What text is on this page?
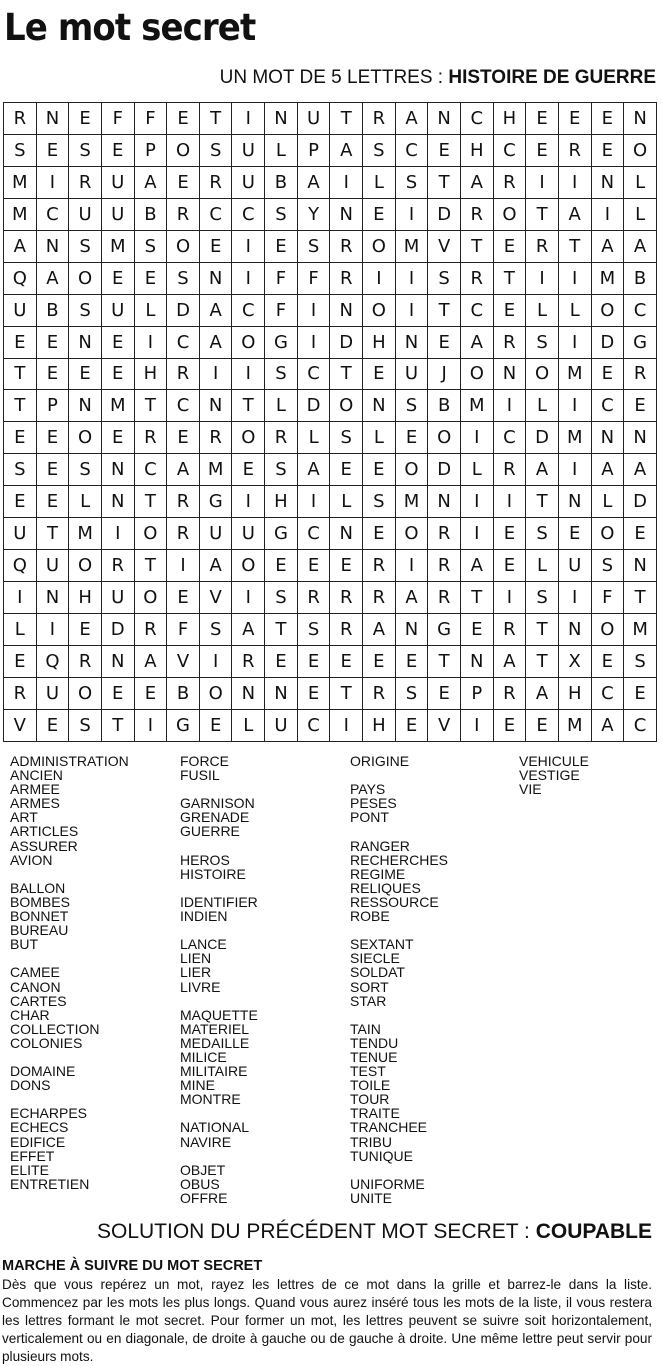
Le mot secret
UN MOT DE 5 LETTRES : HISTOIRE DE GUERRE
R	N	E	F	F	E	T	I	N	U	T	R	A	N	C	H	E	E	E	N
S	E	S	E	P	O	S	U	L	P	A	S	C	E	H	C	E	R	E	O
M	I	R	U	A	E	R	U	B	A	I	L	S	T	A	R	I	I	N	L
M	C	U	U	B	R	C	C	S	Y	N	E	I	D	R	O	T	A	I	L
A	N	S	M	S	O	E	I	E	S	R	O	M	V	T	E	R	T	A	A
Q	A	O	E	E	S	N	I	F	F	R	I	I	S	R	T	I	I	M	B
U	B	S	U	L	D	A	C	F	I	N	O	I	T	C	E	L	L	O	C
E	E	N	E	I	C	A	O	G	I	D	H	N	E	A	R	S	I	D	G
T	E	E	E	H	R	I	I	S	C	T	E	U	J	O	N	O	M	E	R
T	P	N	M	T	C	N	T	L	D	O	N	S	B	M	I	L	I	C	E
E	E	O	E	R	E	R	O	R	L	S	L	E	O	I	C	D	M	N	N
S	E	S	N	C	A	M	E	S	A	E	E	O	D	L	R	A	I	A	A
E	E	L	N	T	R	G	I	H	I	L	S	M	N	I	I	T	N	L	D
U	T	M	I	O	R	U	U	G	C	N	E	O	R	I	E	S	E	O	E
Q	U	O	R	T	I	A	O	E	E	E	R	I	R	A	E	L	U	S	N
I	N	H	U	O	E	V	I	S	R	R	R	A	R	T	I	S	I	F	T
L	I	E	D	R	F	S	A	T	S	R	A	N	G	E	R	T	N	O	M
E	Q	R	N	A	V	I	R	E	E	E	E	E	T	N	A	T	X	E	S
R	U	O	E	E	B	O	N	N	E	T	R	S	E	P	R	A	H	C	E
V	E	S	T	I	G	E	L	U	C	I	H	E	V	I	E	E	M	A	C
ADMINISTRATION
ANCIEN
ARMEE
ARMES
ART
ARTICLES
ASSURER
AVION
BALLON
BOMBES
BONNET
BUREAU
BUT
CAMEE
CANON
CARTES
CHAR
COLLECTION
COLONIES
DOMAINE
DONS
ECHARPES
ECHECS
EDIFICE
EFFET
ELITE
ENTRETIEN
FORCE
FUSIL
GARNISON
GRENADE
GUERRE
HEROS
HISTOIRE
IDENTIFIER
INDIEN
LANCE
LIEN
LIER
LIVRE
MAQUETTE
MATERIEL
MEDAILLE
MILICE
MILITAIRE
MINE
MONTRE
NATIONAL
NAVIRE
OBJET
OBUS
OFFRE
ORIGINE
PAYS
PESES
PONT
RANGER
RECHERCHES
REGIME
RELIQUES
RESSOURCE
ROBE
SEXTANT
SIECLE
SOLDAT
SORT
STAR
TAIN
TENDU
TENUE
TEST
TOILE
TOUR
TRAITE
TRANCHEE
TRIBU
TUNIQUE
UNIFORME
UNITE
VEHICULE
VESTIGE
VIE
SOLUTION DU PRÉCÉDENT MOT SECRET : COUPABLE
MARCHE À SUIVRE DU MOT SECRET
Dès que vous repérez un mot, rayez les lettres de ce mot dans la grille et barrez-le dans la liste. Commencez par les mots les plus longs. Quand vous aurez inséré tous les mots de la liste, il vous restera les lettres formant le mot secret. Pour former un mot, les lettres peuvent se suivre soit horizontalement, verticalement ou en diagonale, de droite à gauche ou de gauche à droite. Une même lettre peut servir pour plusieurs mots.
